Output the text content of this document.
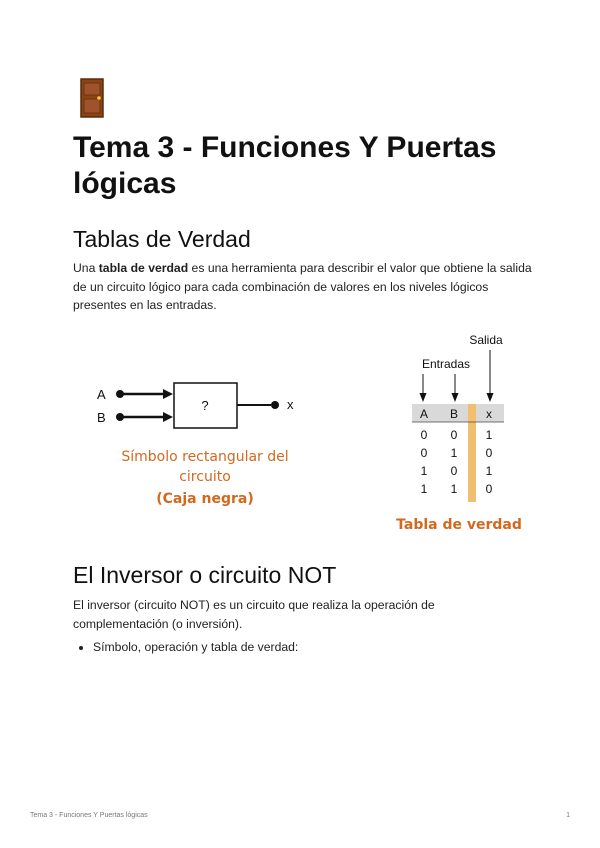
Tema 3 - Funciones Y Puertas lógicas
Tablas de Verdad

Una tabla de verdad es una herramienta para describir el valor que obtiene la salida de un circuito lógico para cada combinación de valores en los niveles lógicos presentes en las entradas.

A
B
?	x
Símbolo rectangular del
circuito
(Caja negra)
Salida
Entradas
A B x
0 0 1
0 1 0
1 0 1
1 1 0
Tabla de verdad
El Inversor o circuito NOT

El inversor (circuito NOT) es un circuito que realiza la operación de complementación (o inversión).

• Símbolo, operación y tabla de verdad:
Tema 3 - Funciones Y Puertas lógicas	1
